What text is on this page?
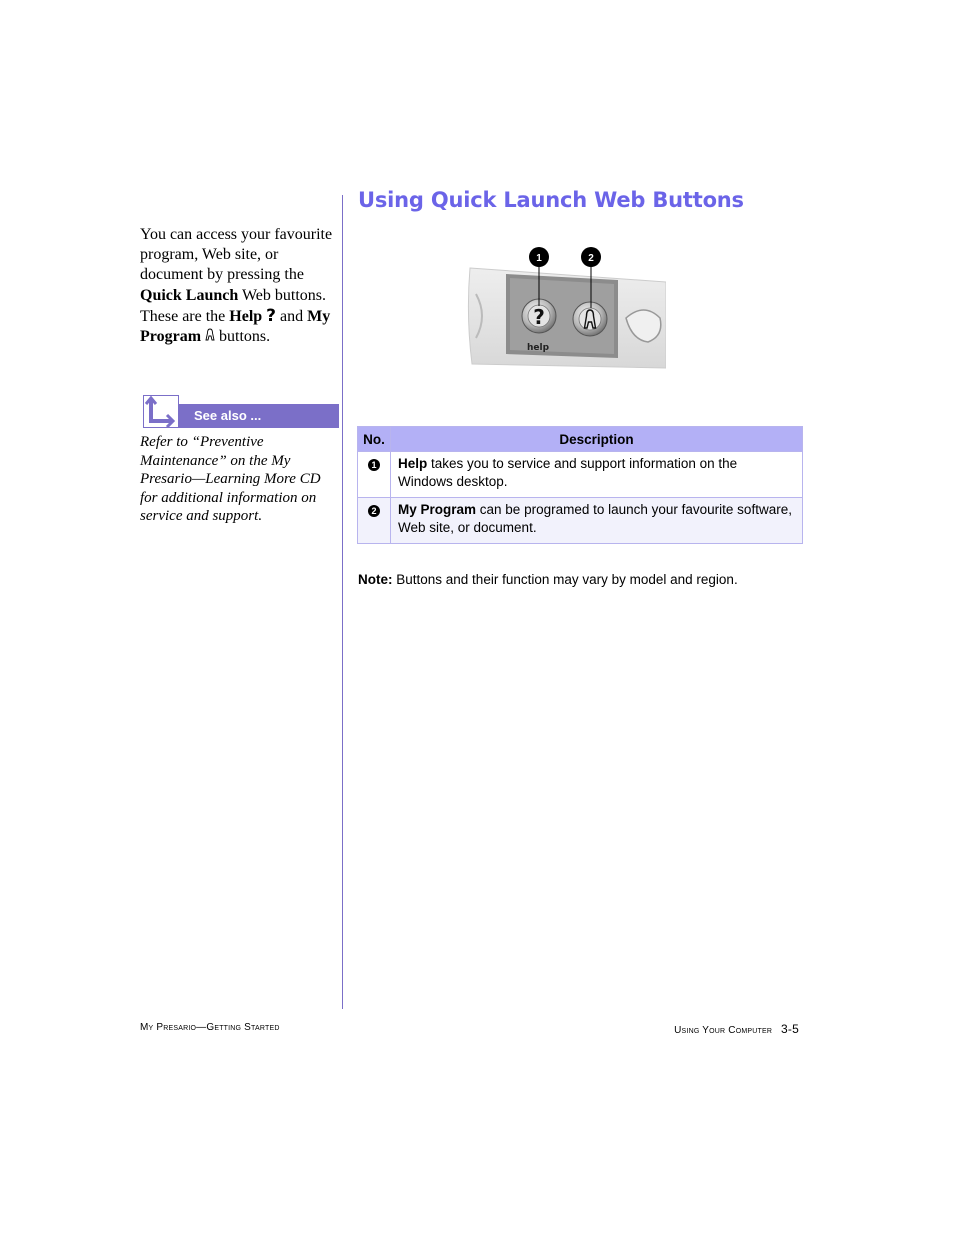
You can access your favourite program, Web site, or document by pressing the Quick Launch Web buttons. These are the Help ? and My Program  buttons.
See also ...
Refer to “Preventive Maintenance” on the My Presario—Learning More CD for additional information on service and support.
Using Quick Launch Web Buttons
?
help
1	2
No.	Description
1	Help takes you to service and support information on the Windows desktop.
2	My Program can be programed to launch your favourite software, Web site, or document.
Note: Buttons and their function may vary by model and region.
My Presario—Getting Started	Using Your Computer 3-5
